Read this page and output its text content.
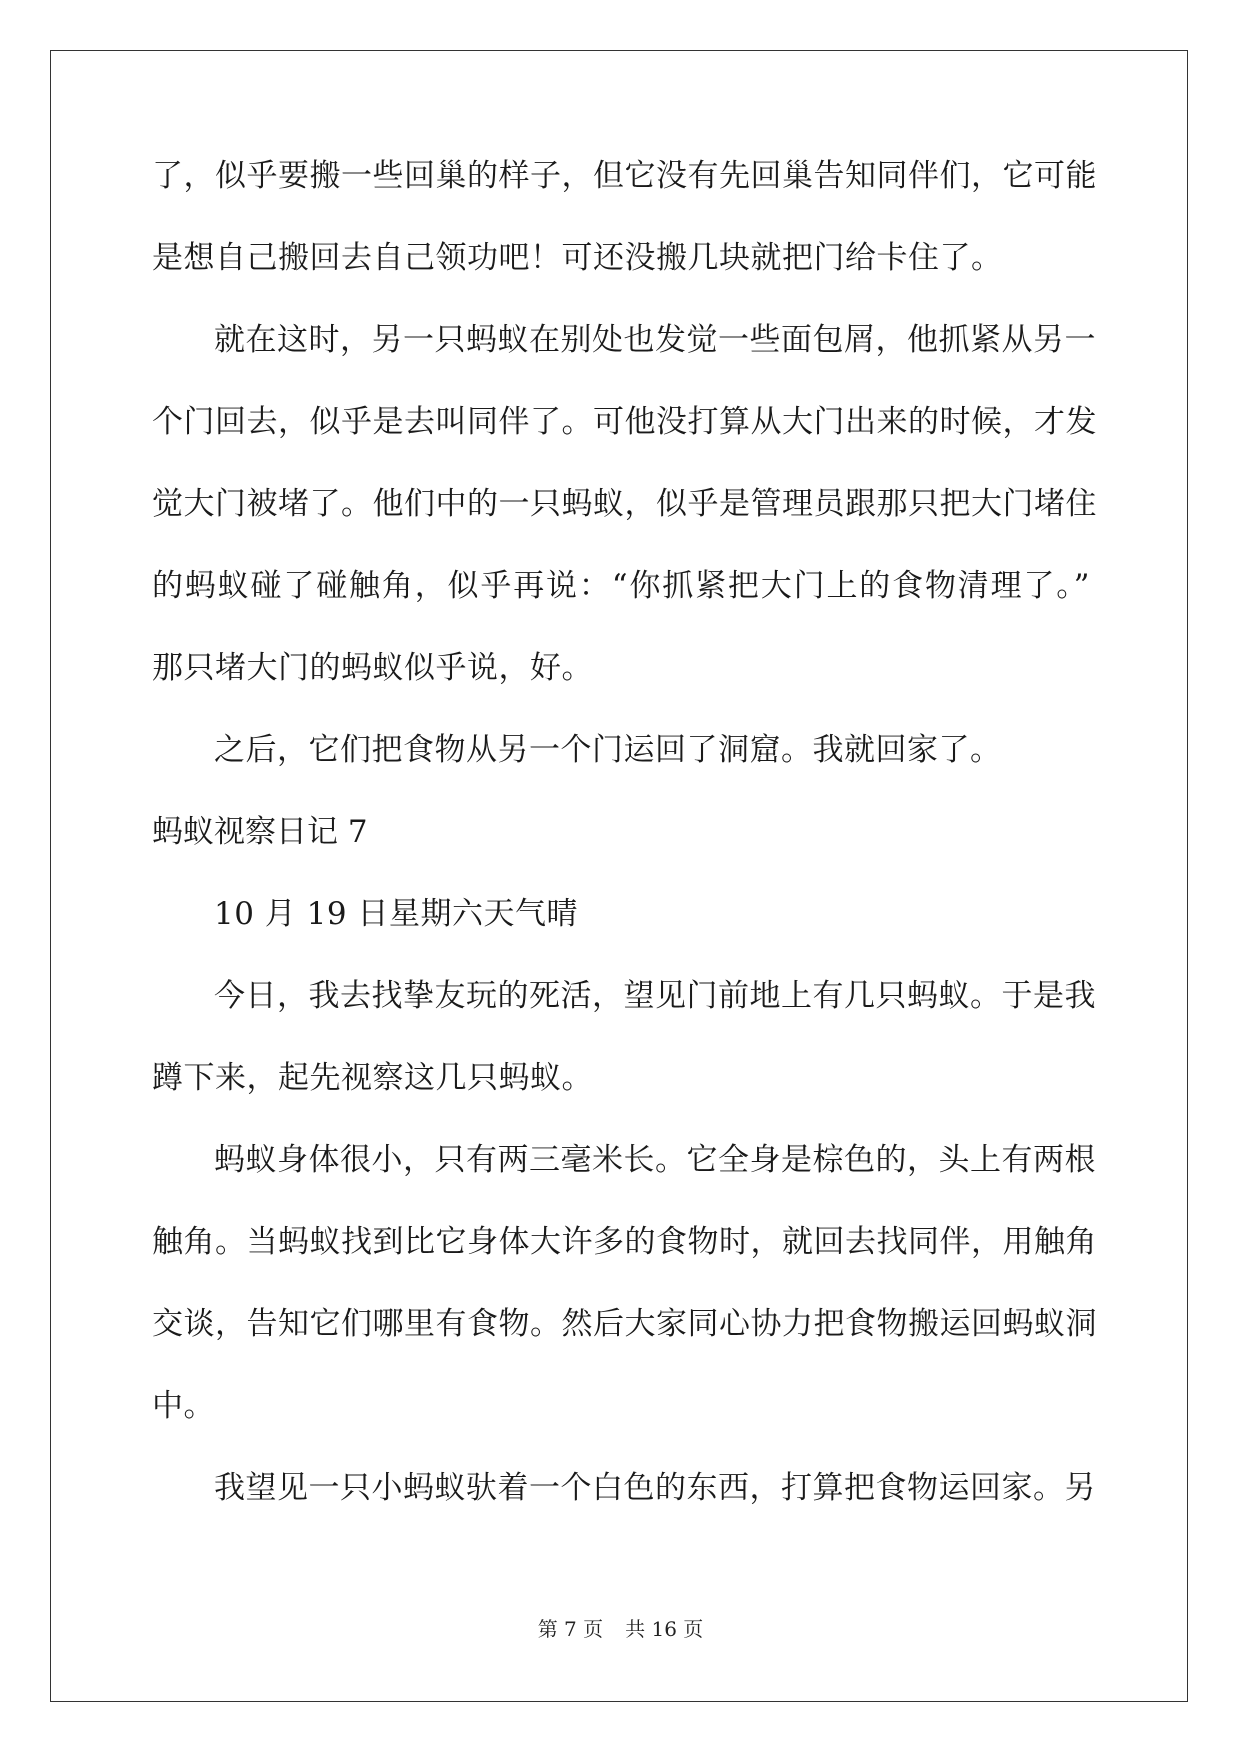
了，似乎要搬一些回巢的样子，但它没有先回巢告知同伴们，它可能
是想自己搬回去自己领功吧！可还没搬几块就把门给卡住了。
就在这时，另一只蚂蚁在别处也发觉一些面包屑，他抓紧从另一
个门回去，似乎是去叫同伴了。可他没打算从大门出来的时候，才发
觉大门被堵了。他们中的一只蚂蚁，似乎是管理员跟那只把大门堵住
的蚂蚁碰了碰触角，似乎再说：“你抓紧把大门上的食物清理了。”
那只堵大门的蚂蚁似乎说，好。
之后，它们把食物从另一个门运回了洞窟。我就回家了。
蚂蚁视察日记 7
10 月 19 日星期六天气晴
今日，我去找挚友玩的死活，望见门前地上有几只蚂蚁。于是我
蹲下来，起先视察这几只蚂蚁。
蚂蚁身体很小，只有两三毫米长。它全身是棕色的，头上有两根
触角。当蚂蚁找到比它身体大许多的食物时，就回去找同伴，用触角
交谈，告知它们哪里有食物。然后大家同心协力把食物搬运回蚂蚁洞
中。
我望见一只小蚂蚁驮着一个白色的东西，打算把食物运回家。另
第 7 页 共 16 页
